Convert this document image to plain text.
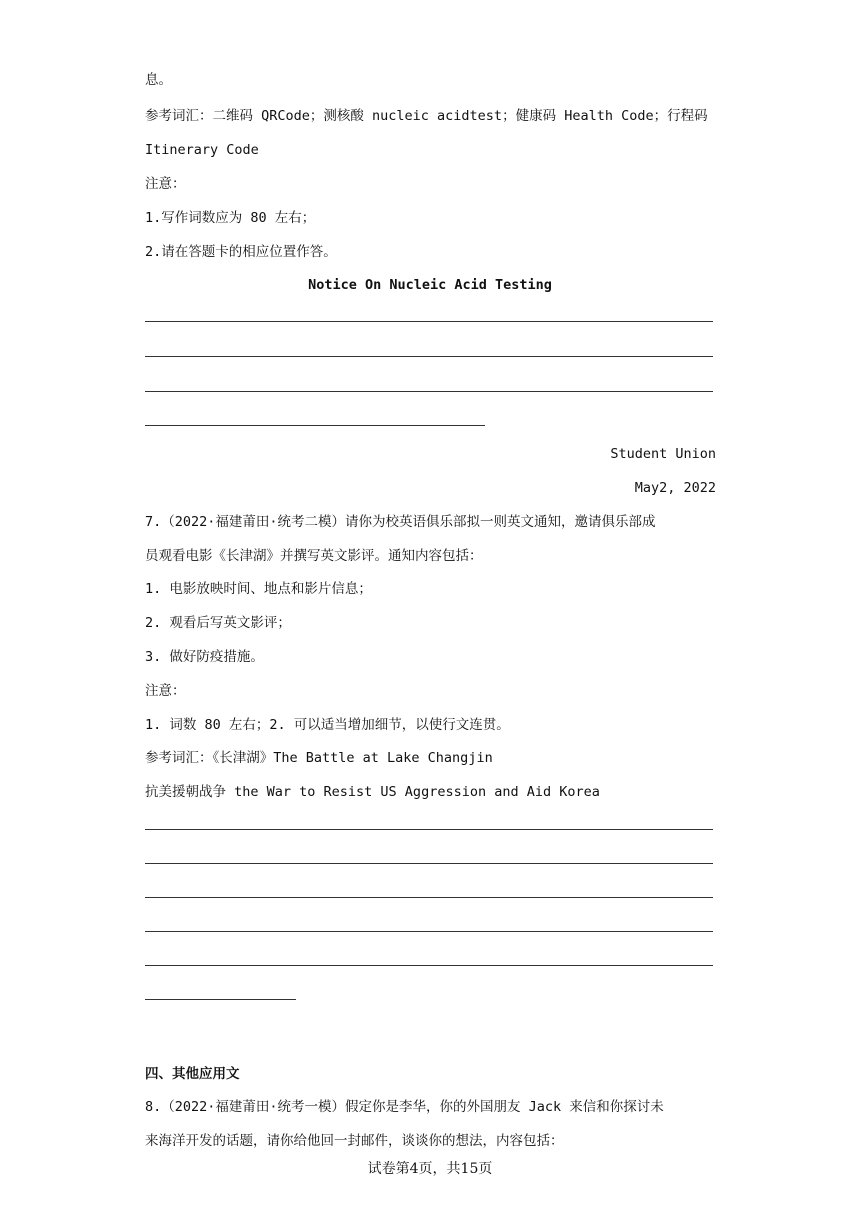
息。
参考词汇：二维码 QRCode；测核酸 nucleic acidtest；健康码 Health Code；行程码
Itinerary Code
注意：
1.写作词数应为 80 左右；
2.请在答题卡的相应位置作答。
Notice On Nucleic Acid Testing
Student Union
May2, 2022
7.（2022·福建莆田·统考二模）请你为校英语俱乐部拟一则英文通知，邀请俱乐部成
员观看电影《长津湖》并撰写英文影评。通知内容包括：
1. 电影放映时间、地点和影片信息；
2. 观看后写英文影评；
3. 做好防疫措施。
注意：
1. 词数 80 左右；2. 可以适当增加细节，以使行文连贯。
参考词汇：《长津湖》The Battle at Lake Changjin
抗美援朝战争 the War to Resist US Aggression and Aid Korea
四、其他应用文
8.（2022·福建莆田·统考一模）假定你是李华，你的外国朋友 Jack 来信和你探讨未
来海洋开发的话题，请你给他回一封邮件，谈谈你的想法，内容包括：
试卷第4页，共15页
